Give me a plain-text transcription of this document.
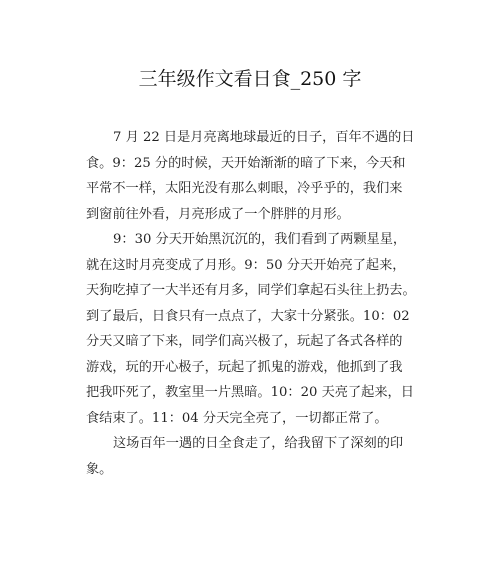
三年级作文看日食_250 字
7 月 22 日是月亮离地球最近的日子，百年不遇的日
食。9：25 分的时候，天开始渐渐的暗了下来，今天和
平常不一样，太阳光没有那么刺眼，冷乎乎的，我们来
到窗前往外看，月亮形成了一个胖胖的月形。
9：30 分天开始黑沉沉的，我们看到了两颗星星，
就在这时月亮变成了月形。9：50 分天开始亮了起来，
天狗吃掉了一大半还有月多，同学们拿起石头往上扔去。
到了最后，日食只有一点点了，大家十分紧张。10：02
分天又暗了下来，同学们高兴极了，玩起了各式各样的
游戏，玩的开心极子，玩起了抓鬼的游戏，他抓到了我
把我吓死了，教室里一片黑暗。10：20 天亮了起来，日
食结束了。11：04 分天完全亮了，一切都正常了。
这场百年一遇的日全食走了，给我留下了深刻的印
象。
